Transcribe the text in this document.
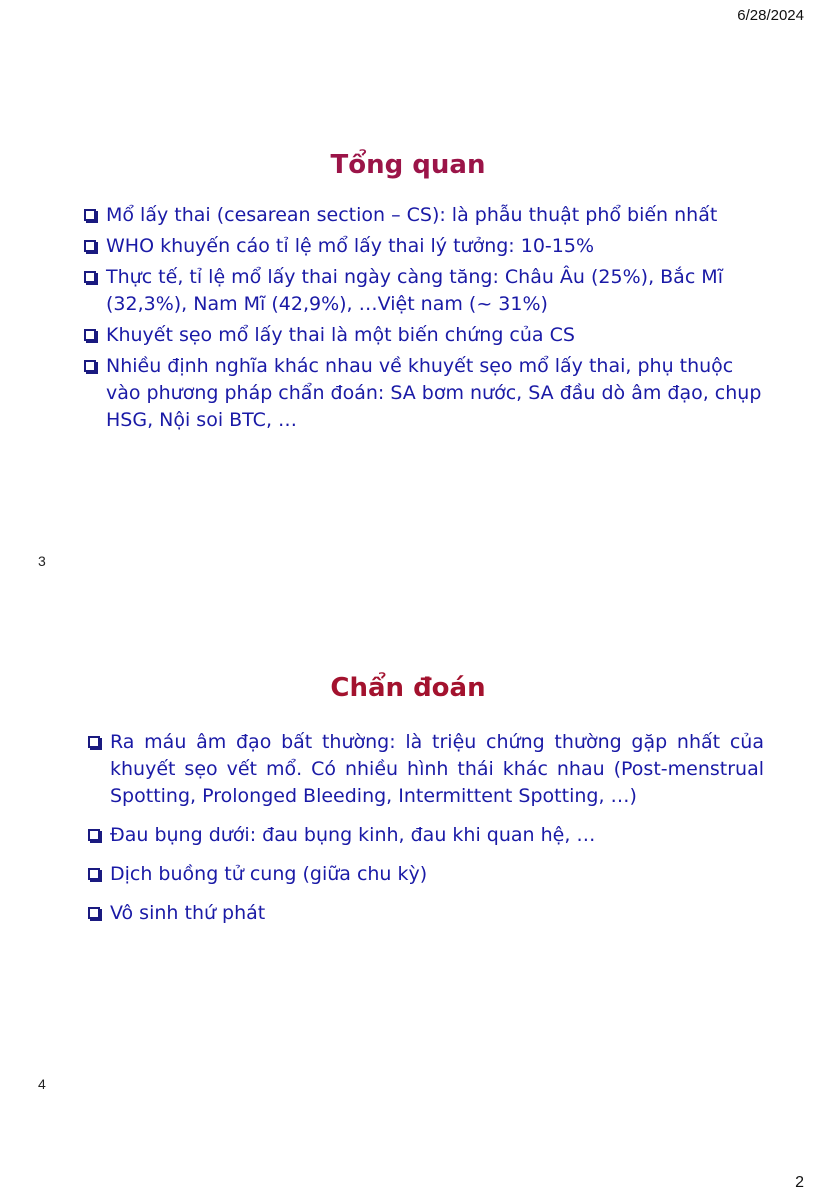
6/28/2024
Tổng quan
Mổ lấy thai (cesarean section – CS): là phẫu thuật phổ biến nhất
WHO khuyến cáo tỉ lệ mổ lấy thai lý tưởng: 10-15%
Thực tế, tỉ lệ mổ lấy thai ngày càng tăng: Châu Âu (25%), Bắc Mĩ (32,3%), Nam Mĩ (42,9%), …Việt nam (~ 31%)
Khuyết sẹo mổ lấy thai là một biến chứng của CS
Nhiều định nghĩa khác nhau về khuyết sẹo mổ lấy thai, phụ thuộc vào phương pháp chẩn đoán: SA bơm nước, SA đầu dò âm đạo, chụp HSG, Nội soi BTC, …
3
Chẩn đoán
Ra máu âm đạo bất thường: là triệu chứng thường gặp nhất của khuyết sẹo vết mổ. Có nhiều hình thái khác nhau (Post-menstrual Spotting, Prolonged Bleeding, Intermittent Spotting, …)
Đau bụng dưới: đau bụng kinh, đau khi quan hệ, …
Dịch buồng tử cung (giữa chu kỳ)
Vô sinh thứ phát
4
2
